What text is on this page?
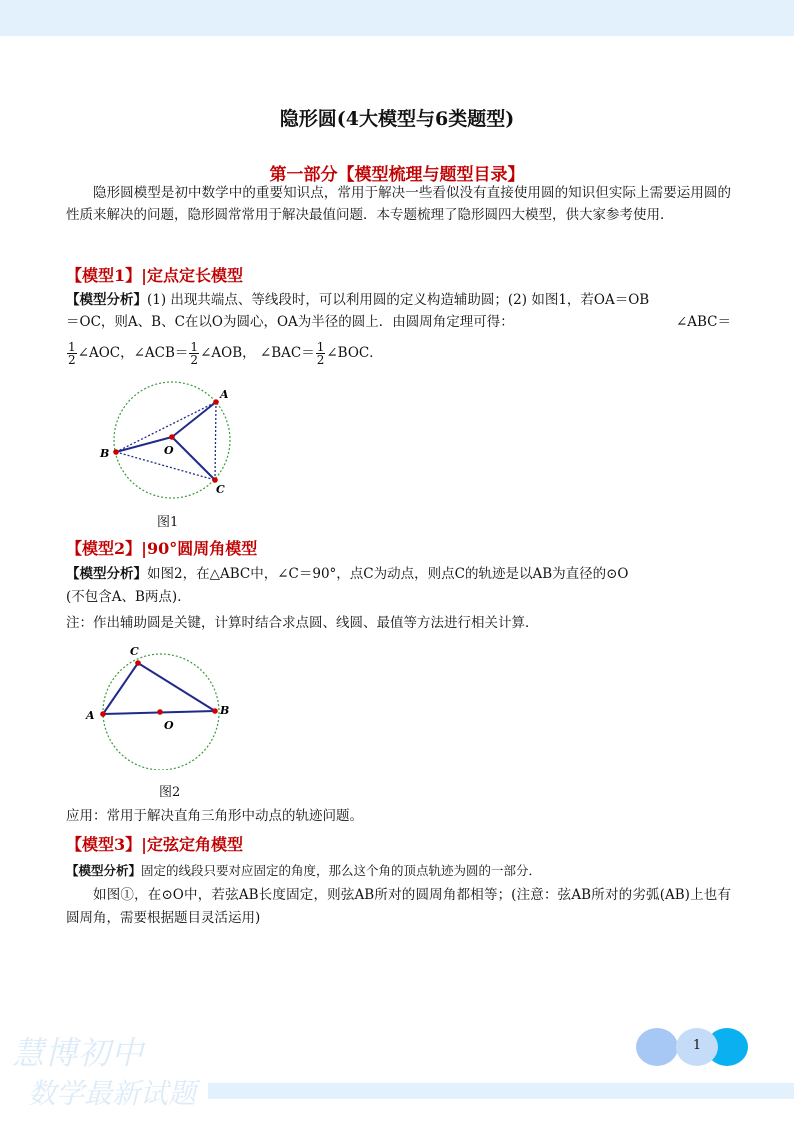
隐形圆(4大模型与6类题型)
第一部分【模型梳理与题型目录】
隐形圆模型是初中数学中的重要知识点，常用于解决一些看似没有直接使用圆的知识但实际上需要运用圆的性质来解决的问题，隐形圆常常用于解决最值问题．本专题梳理了隐形圆四大模型，供大家参考使用．
【模型1】|定点定长模型
【模型分析】(1) 出现共端点、等线段时，可以利用圆的定义构造辅助圆；(2) 如图1，若OA＝OB
＝OC，则A、B、C在以O为圆心，OA为半径的圆上．由圆周角定理可得：	∠ABC＝
$\frac{1}{2}$ ∠AOC，∠ACB＝ $\frac{1}{2}$ ∠AOB， ∠BAC＝ $\frac{1}{2}$ ∠BOC．
A
B
C
O
图1
【模型2】|90°圆周角模型
【模型分析】如图2，在△ABC中，∠C＝90°，点C为动点，则点C的轨迹是以AB为直径的⊙O
(不包含A、B两点)．
注：作出辅助圆是关键，计算时结合求点圆、线圆、最值等方法进行相关计算．
A	B
C
O
图2
应用：常用于解决直角三角形中动点的轨迹问题。
【模型3】|定弦定角模型
【模型分析】固定的线段只要对应固定的角度，那么这个角的顶点轨迹为圆的一部分．
如图①，在⊙O中，若弦AB长度固定，则弦AB所对的圆周角都相等；(注意：弦AB所对的劣弧(AB)上也有圆周角，需要根据题目灵活运用)
慧博初中
数学最新试题
1
